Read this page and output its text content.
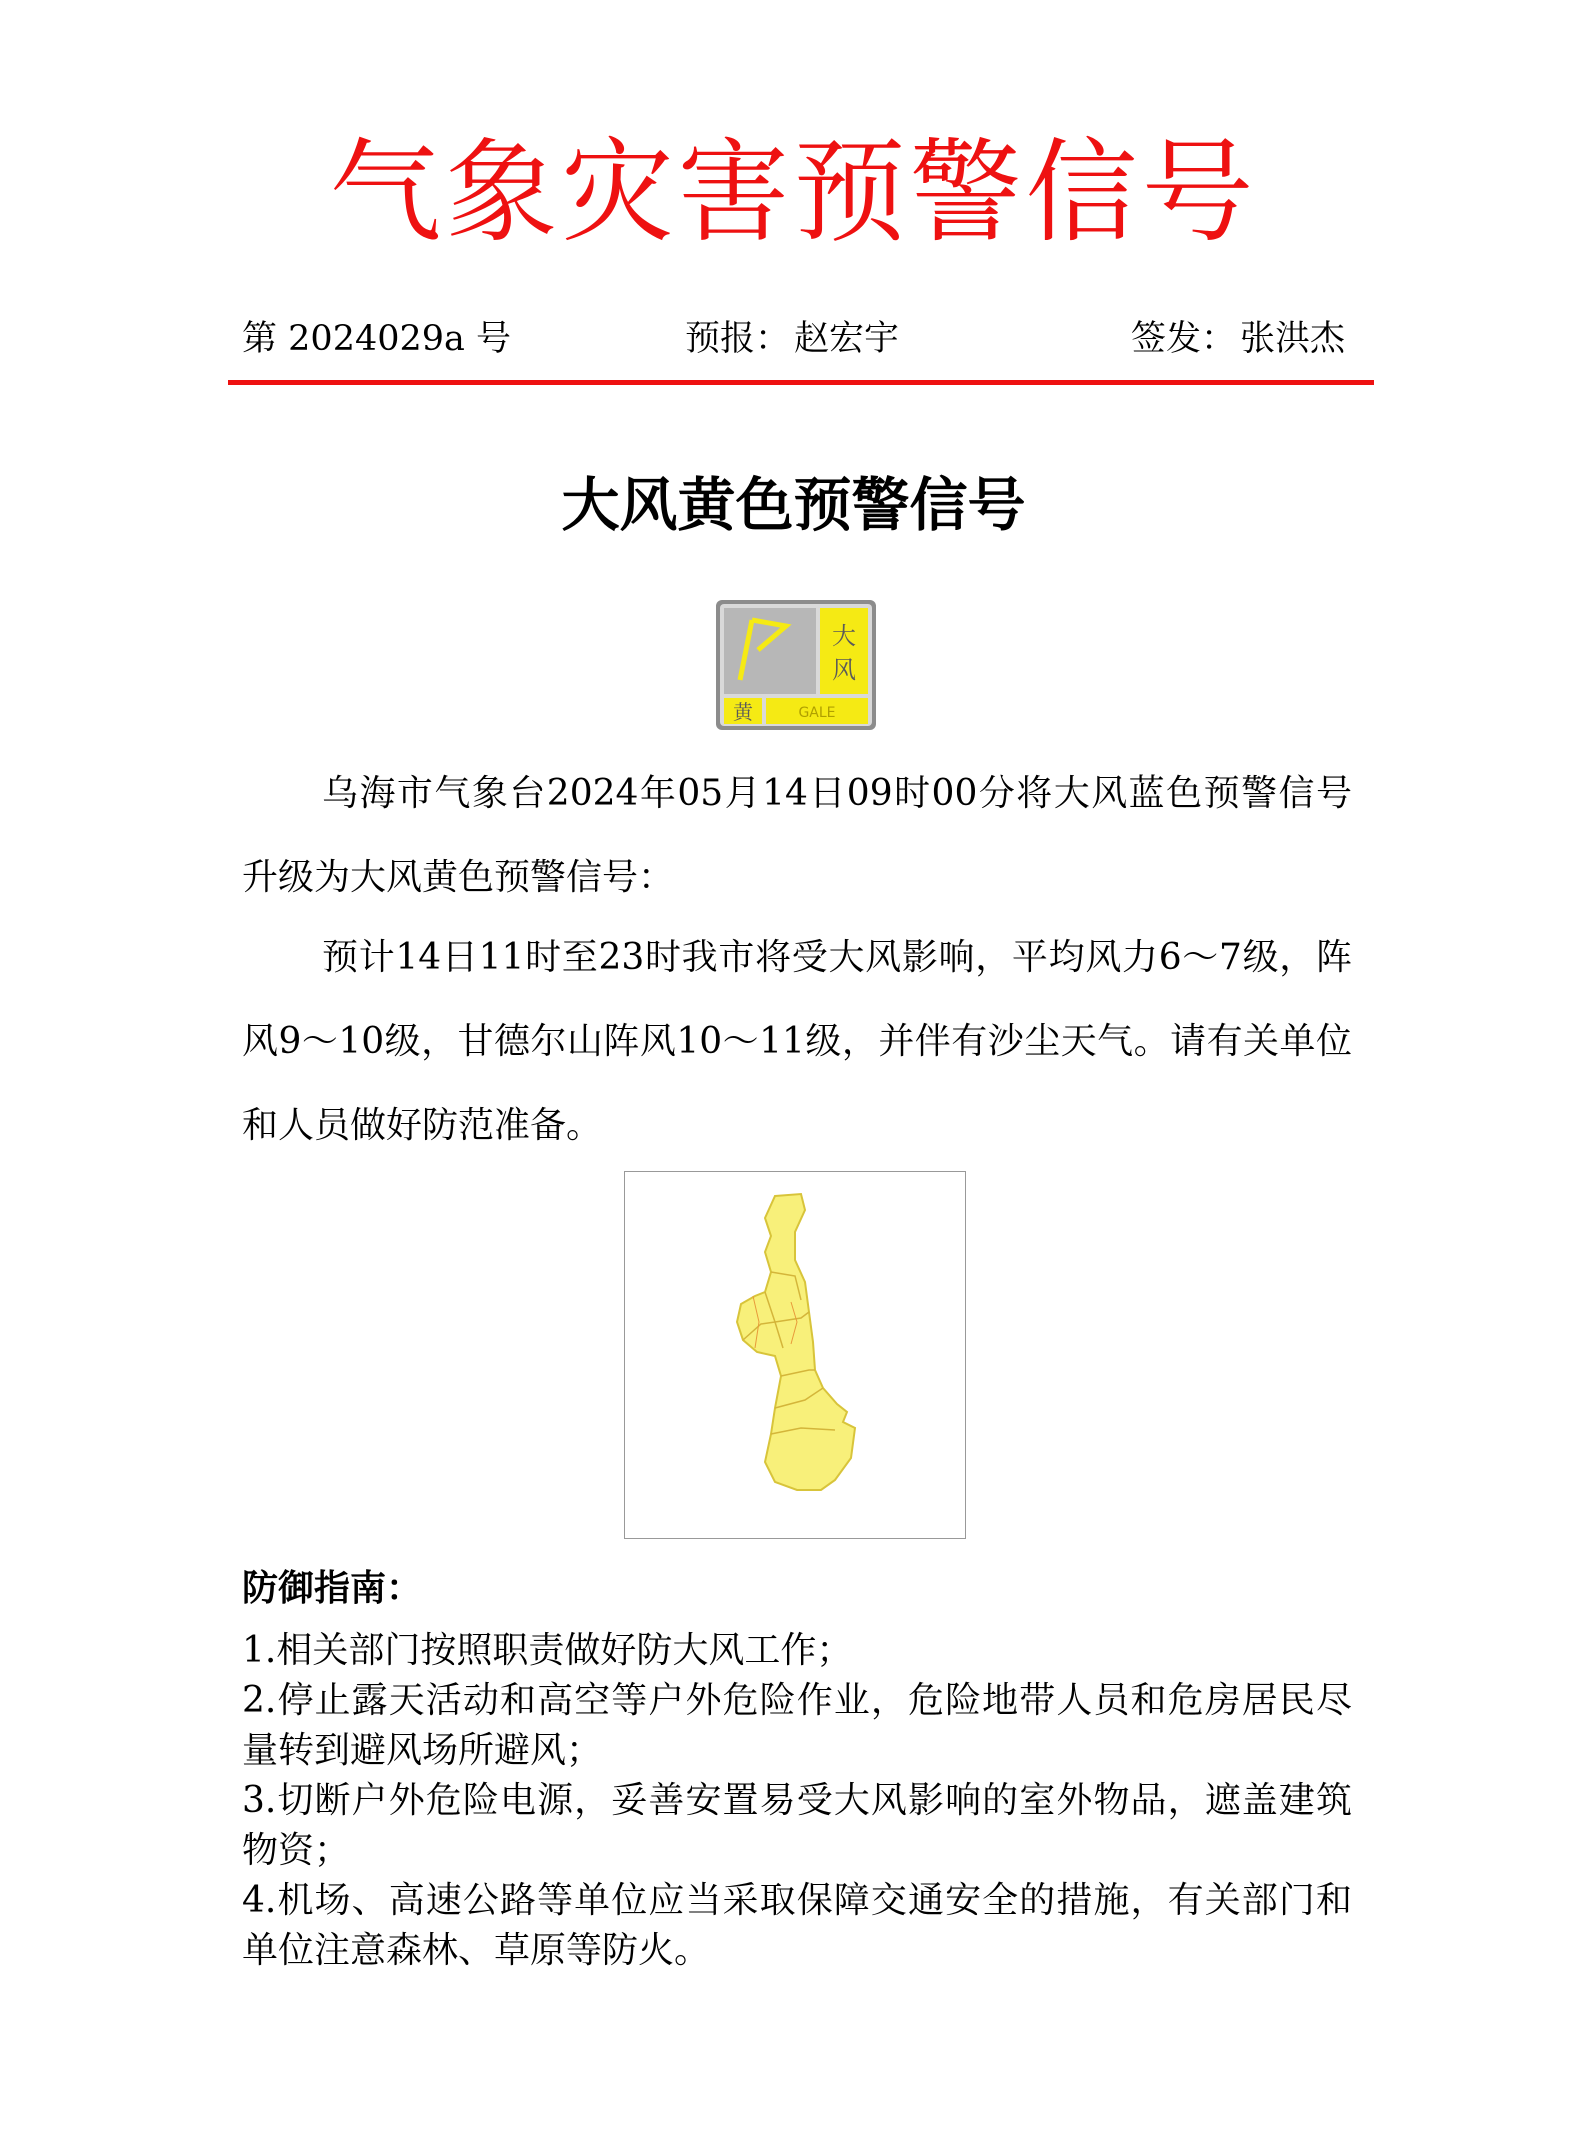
气象灾害预警信号
第 2024029a 号	预报： 赵宏宇	签发： 张洪杰
大风黄色预警信号
大
风
黄	GALE
乌海市气象台2024年05月14日09时00分将大风蓝色预警信号升级为大风黄色预警信号：
预计14日11时至23时我市将受大风影响，平均风力6～7级，阵风9～10级，甘德尔山阵风10～11级，并伴有沙尘天气。请有关单位和人员做好防范准备。
防御指南：

1.相关部门按照职责做好防大风工作；

2.停止露天活动和高空等户外危险作业，危险地带人员和危房居民尽量转到避风场所避风；

3.切断户外危险电源，妥善安置易受大风影响的室外物品，遮盖建筑物资；

4.机场、高速公路等单位应当采取保障交通安全的措施，有关部门和单位注意森林、草原等防火。
